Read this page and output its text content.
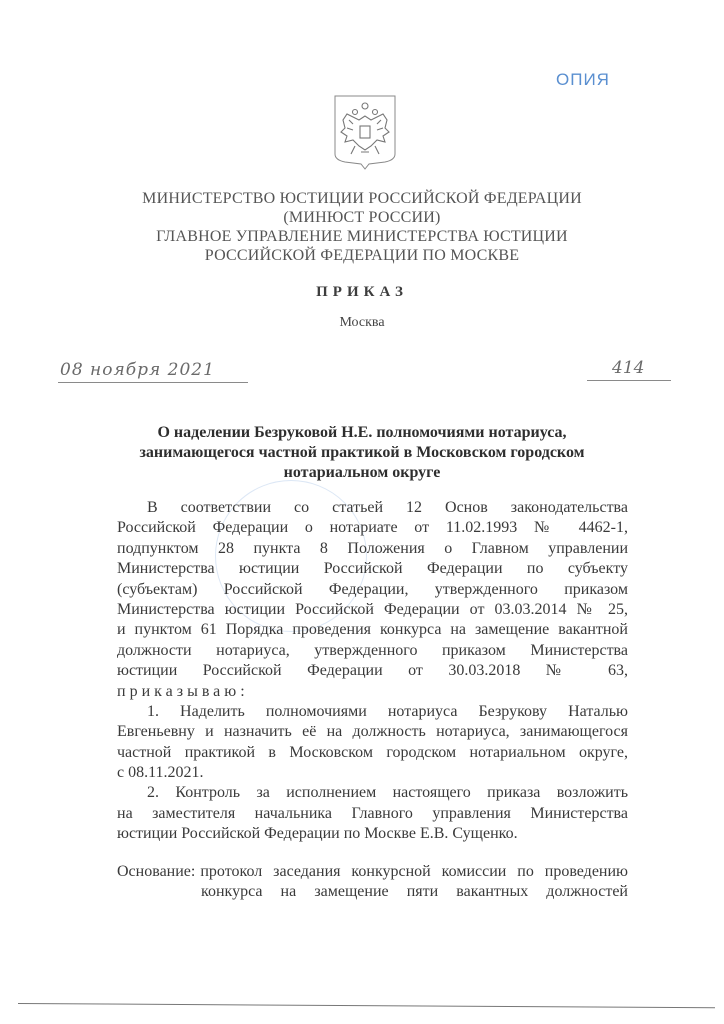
ОПИЯ
МИНИСТЕРСТВО ЮСТИЦИИ РОССИЙСКОЙ ФЕДЕРАЦИИ
(МИНЮСТ РОССИИ)
ГЛАВНОЕ УПРАВЛЕНИЕ МИНИСТЕРСТВА ЮСТИЦИИ
РОССИЙСКОЙ ФЕДЕРАЦИИ ПО МОСКВЕ
ПРИКАЗ
Москва
08 ноября 2021	414
О наделении Безруковой Н.Е. полномочиями нотариуса,
занимающегося частной практикой в Московском городском
нотариальном округе
В соответствии со статьей 12 Основ законодательства
Российской Федерации о нотариате от 11.02.1993 № 4462-1,
подпунктом 28 пункта 8 Положения о Главном управлении
Министерства юстиции Российской Федерации по субъекту
(субъектам) Российской Федерации, утвержденного приказом
Министерства юстиции Российской Федерации от 03.03.2014 № 25,
и пунктом 61 Порядка проведения конкурса на замещение вакантной
должности нотариуса, утвержденного приказом Министерства
юстиции Российской Федерации от 30.03.2018 № 63,
приказываю:
1. Наделить полномочиями нотариуса Безрукову Наталью
Евгеньевну и назначить её на должность нотариуса, занимающегося
частной практикой в Московском городском нотариальном округе,
с 08.11.2021.
2. Контроль за исполнением настоящего приказа возложить
на заместителя начальника Главного управления Министерства
юстиции Российской Федерации по Москве Е.В. Сущенко.
Основание: протокол заседания конкурсной комиссии по проведению
конкурса на замещение пяти вакантных должностей
